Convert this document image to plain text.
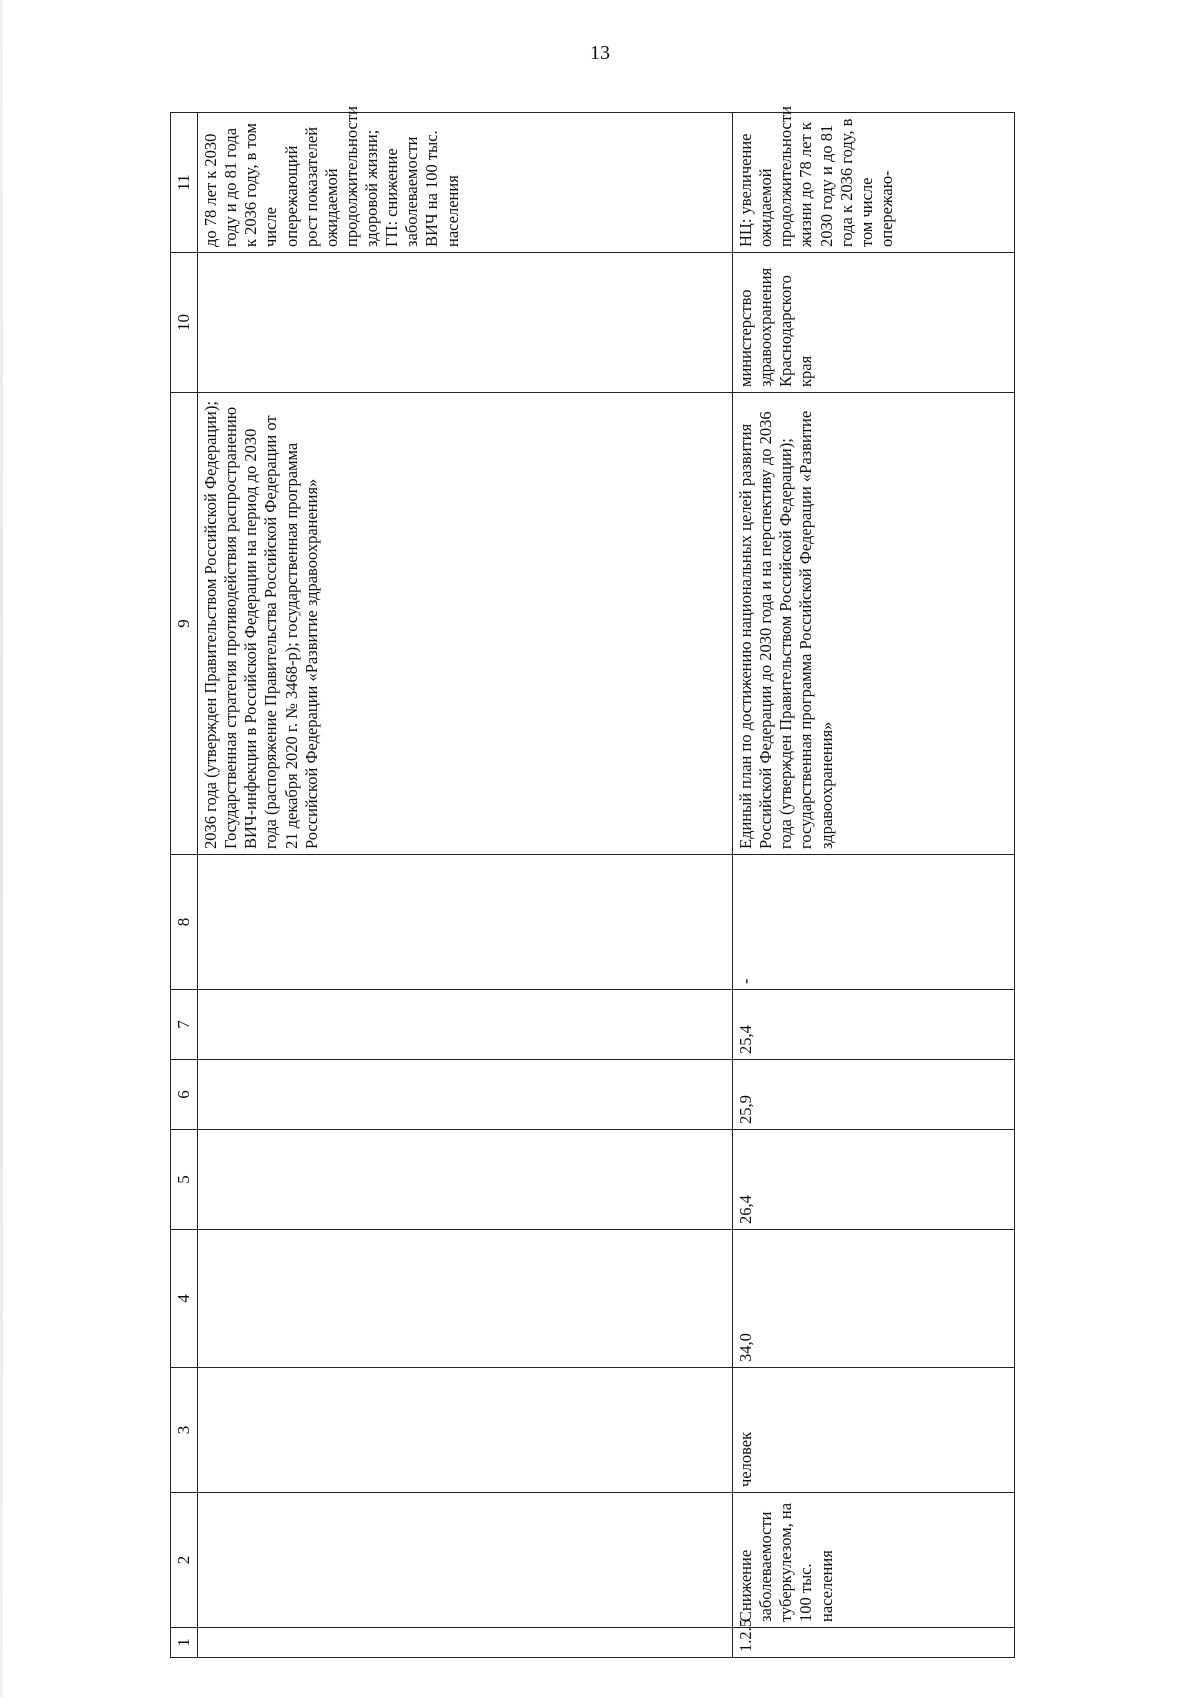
13
1	2	3	4	5	6	7	8	9	10	11
								2036 года (утвержден Правительством Российской Федерации); Государственная стратегия противодействия распространению ВИЧ-инфекции в Российской Федерации на период до 2030 года (распоряжение Правительства Российской Федерации от 21 декабря 2020 г. № 3468-р); государственная программа Российской Федерации «Развитие здравоохранения»		до 78 лет к 2030 году и до 81 года к 2036 году, в том числе опережающий рост показателей ожидаемой продолжительности здоровой жизни; ГП: снижение заболеваемости ВИЧ на 100 тыс. населения
1.2.5	Снижение заболеваемости туберкулезом, на 100 тыс. населения	человек	34,0	26,4	25,9	25,4	-	Единый план по достижению национальных целей развития Российской Федерации до 2030 года и на перспективу до 2036 года (утвержден Правительством Российской Федерации); государственная программа Российской Федерации «Развитие здравоохранения»	министерство здравоохранения Краснодарского края	НЦ: увеличение ожидаемой продолжительности жизни до 78 лет к 2030 году и до 81 года к 2036 году, в том числе опережаю-
